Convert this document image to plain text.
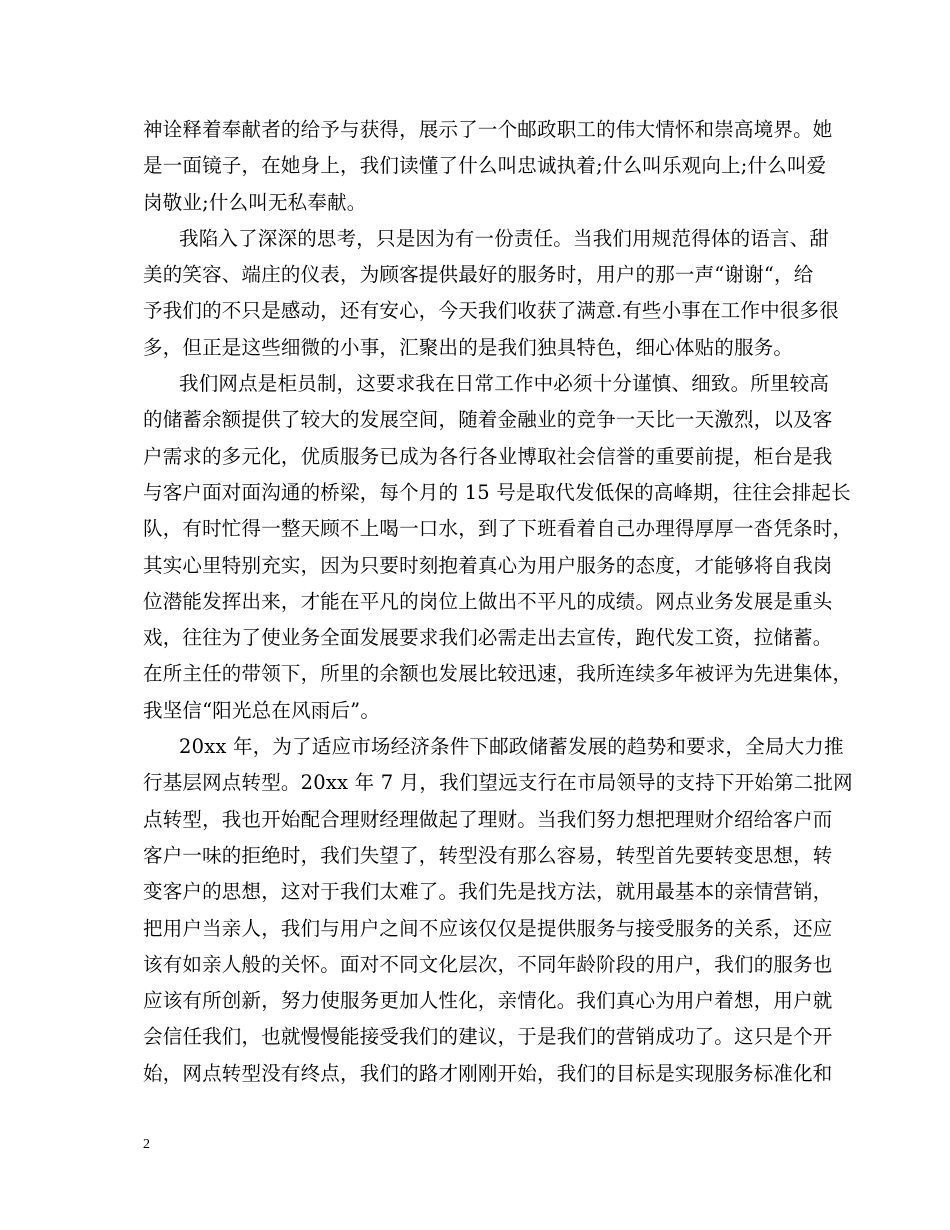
神诠释着奉献者的给予与获得，展示了一个邮政职工的伟大情怀和崇高境界。她
是一面镜子，在她身上，我们读懂了什么叫忠诚执着;什么叫乐观向上;什么叫爱
岗敬业;什么叫无私奉献。
我陷入了深深的思考，只是因为有一份责任。当我们用规范得体的语言、甜
美的笑容、端庄的仪表，为顾客提供最好的服务时，用户的那一声“谢谢“，给
予我们的不只是感动，还有安心，今天我们收获了满意.有些小事在工作中很多很
多，但正是这些细微的小事，汇聚出的是我们独具特色，细心体贴的服务。
我们网点是柜员制，这要求我在日常工作中必须十分谨慎、细致。所里较高
的储蓄余额提供了较大的发展空间，随着金融业的竞争一天比一天激烈，以及客
户需求的多元化，优质服务已成为各行各业博取社会信誉的重要前提，柜台是我
与客户面对面沟通的桥梁，每个月的 15 号是取代发低保的高峰期，往往会排起长
队，有时忙得一整天顾不上喝一口水，到了下班看着自己办理得厚厚一沓凭条时，
其实心里特别充实，因为只要时刻抱着真心为用户服务的态度，才能够将自我岗
位潜能发挥出来，才能在平凡的岗位上做出不平凡的成绩。网点业务发展是重头
戏，往往为了使业务全面发展要求我们必需走出去宣传，跑代发工资，拉储蓄。
在所主任的带领下，所里的余额也发展比较迅速，我所连续多年被评为先进集体，
我坚信“阳光总在风雨后”。
20xx 年，为了适应市场经济条件下邮政储蓄发展的趋势和要求，全局大力推
行基层网点转型。20xx 年 7 月，我们望远支行在市局领导的支持下开始第二批网
点转型，我也开始配合理财经理做起了理财。当我们努力想把理财介绍给客户而
客户一味的拒绝时，我们失望了，转型没有那么容易，转型首先要转变思想，转
变客户的思想，这对于我们太难了。我们先是找方法，就用最基本的亲情营销，
把用户当亲人，我们与用户之间不应该仅仅是提供服务与接受服务的关系，还应
该有如亲人般的关怀。面对不同文化层次，不同年龄阶段的用户，我们的服务也
应该有所创新，努力使服务更加人性化，亲情化。我们真心为用户着想，用户就
会信任我们，也就慢慢能接受我们的建议，于是我们的营销成功了。这只是个开
始，网点转型没有终点，我们的路才刚刚开始，我们的目标是实现服务标准化和
2
